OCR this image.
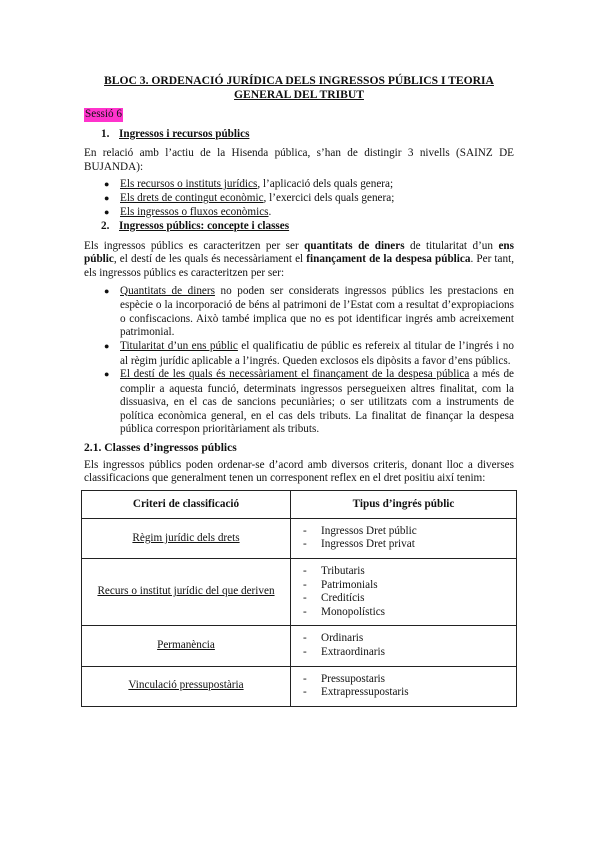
BLOC 3. ORDENACIÓ JURÍDICA DELS INGRESSOS PÚBLICS I TEORIA
GENERAL DEL TRIBUT
Sessió 6
1. Ingressos i recursos públics
En relació amb l’actiu de la Hisenda pública, s’han de distingir 3 nivells (SAINZ DE BUJANDA):
● Els recursos o instituts jurídics, l’aplicació dels quals genera;
● Els drets de contingut econòmic, l’exercici dels quals genera;
● Els ingressos o fluxos econòmics.
2. Ingressos públics: concepte i classes
Els ingressos públics es caracteritzen per ser quantitats de diners de titularitat d’un ens públic, el destí de les quals és necessàriament el finançament de la despesa pública. Per tant, els ingressos públics es caracteritzen per ser:
● Quantitats de diners no poden ser considerats ingressos públics les prestacions en espècie o la incorporació de béns al patrimoni de l’Estat com a resultat d’expropiacions o confiscacions. Això també implica que no es pot identificar ingrés amb acreixement patrimonial.
● Titularitat d’un ens públic el qualificatiu de públic es refereix al titular de l’ingrés i no al règim jurídic aplicable a l’ingrés. Queden exclosos els dipòsits a favor d’ens públics.
● El destí de les quals és necessàriament el finançament de la despesa pública a més de complir a aquesta funció, determinats ingressos persegueixen altres finalitat, com la dissuasiva, en el cas de sancions pecuniàries; o ser utilitzats com a instruments de política econòmica general, en el cas dels tributs. La finalitat de finançar la despesa pública correspon prioritàriament als tributs.
2.1. Classes d’ingressos públics
Els ingressos públics poden ordenar-se d’acord amb diversos criteris, donant lloc a diverses classificacions que generalment tenen un corresponent reflex en el dret positiu així tenim:
Criteri de classificació	Tipus d’ingrés públic
Règim jurídic dels drets	- Ingressos Dret públic
- Ingressos Dret privat

Recurs o institut jurídic del que deriven	- Tributaris
- Patrimonials
- Creditícis
- Monopolístics

Permanència	- Ordinaris
- Extraordinaris

Vinculació pressupostària	- Pressupostaris
- Extrapressupostaris
